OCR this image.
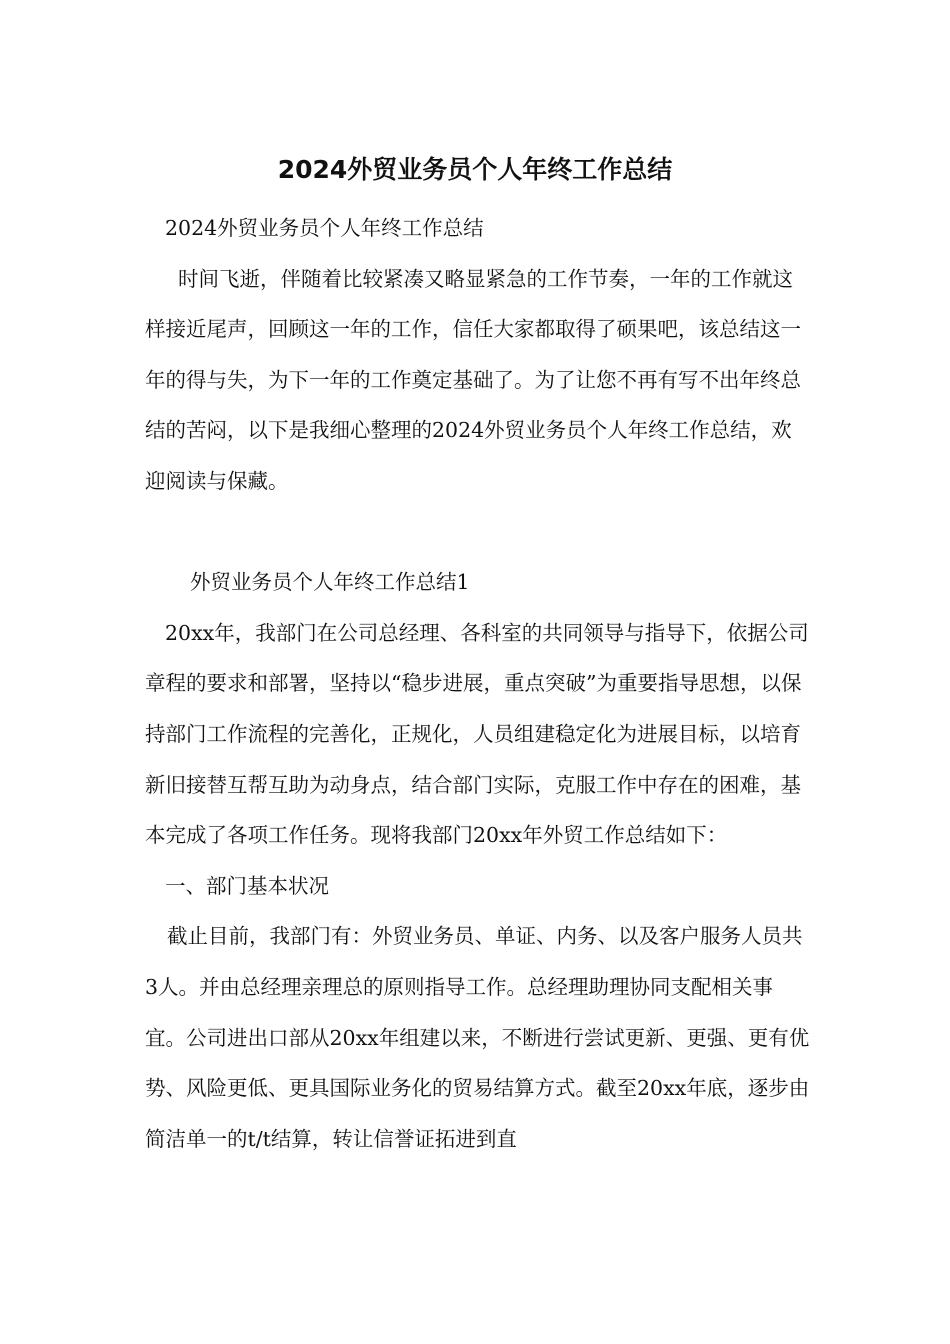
2024外贸业务员个人年终工作总结

2024外贸业务员个人年终工作总结

时间飞逝，伴随着比较紧凑又略显紧急的工作节奏，一年的工作就这样接近尾声，回顾这一年的工作，信任大家都取得了硕果吧，该总结这一年的得与失，为下一年的工作奠定基础了。为了让您不再有写不出年终总结的苦闷，以下是我细心整理的2024外贸业务员个人年终工作总结，欢迎阅读与保藏。

外贸业务员个人年终工作总结1

20xx年，我部门在公司总经理、各科室的共同领导与指导下，依据公司章程的要求和部署，坚持以“稳步进展，重点突破”为重要指导思想，以保持部门工作流程的完善化，正规化，人员组建稳定化为进展目标，以培育新旧接替互帮互助为动身点，结合部门实际，克服工作中存在的困难，基本完成了各项工作任务。现将我部门20xx年外贸工作总结如下：

一、部门基本状况

截止目前，我部门有：外贸业务员、单证、内务、以及客户服务人员共3人。并由总经理亲理总的原则指导工作。总经理助理协同支配相关事宜。公司进出口部从20xx年组建以来，不断进行尝试更新、更强、更有优势、风险更低、更具国际业务化的贸易结算方式。截至20xx年底，逐步由简洁单一的t/t结算，转让信誉证拓进到直
